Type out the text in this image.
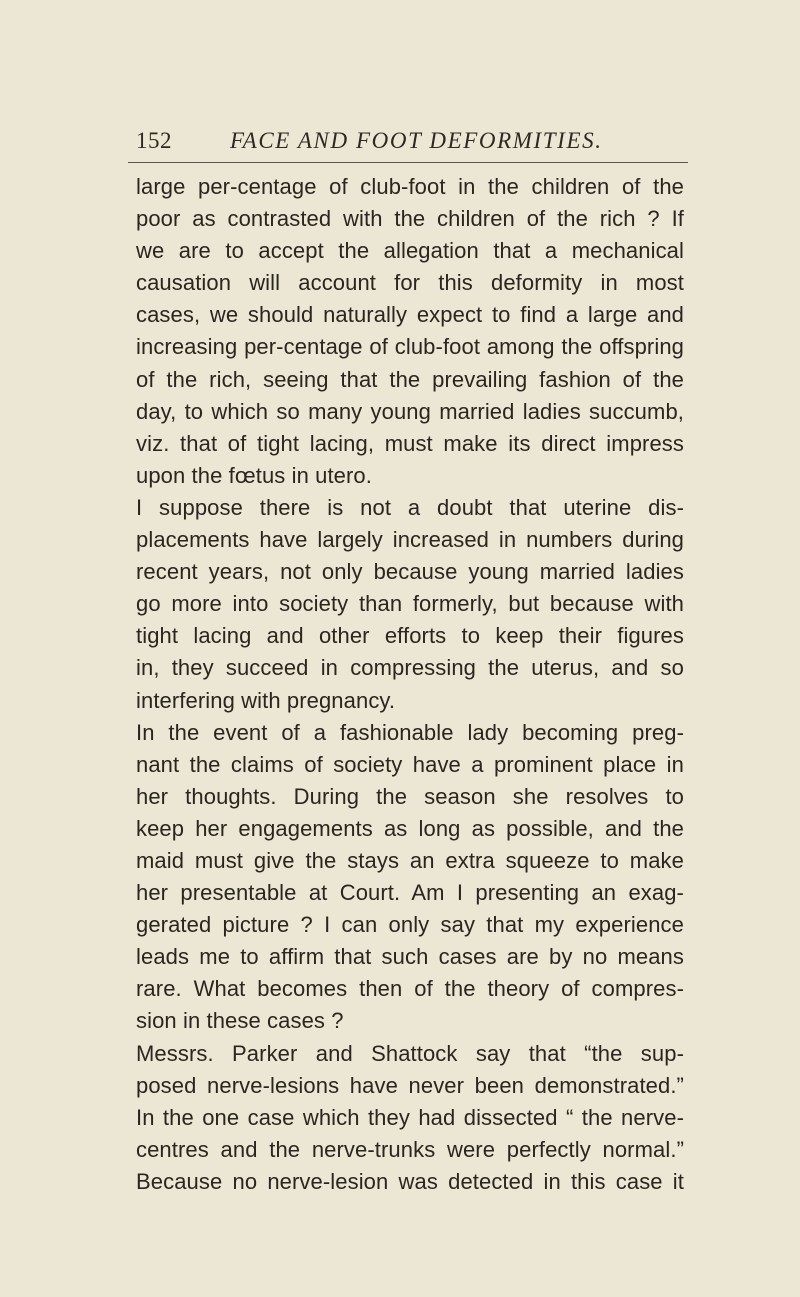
152	FACE AND FOOT DEFORMITIES.
large per-centage of club-foot in the children of the
poor as contrasted with the children of the rich ? If
we are to accept the allegation that a mechanical
causation will account for this deformity in most
cases, we should naturally expect to find a large and
increasing per-centage of club-foot among the offspring
of the rich, seeing that the prevailing fashion of the
day, to which so many young married ladies succumb,
viz. that of tight lacing, must make its direct impress
upon the fœtus in utero.
I suppose there is not a doubt that uterine dis-
placements have largely increased in numbers during
recent years, not only because young married ladies
go more into society than formerly, but because with
tight lacing and other efforts to keep their figures
in, they succeed in compressing the uterus, and so
interfering with pregnancy.
In the event of a fashionable lady becoming preg-
nant the claims of society have a prominent place in
her thoughts. During the season she resolves to
keep her engagements as long as possible, and the
maid must give the stays an extra squeeze to make
her presentable at Court. Am I presenting an exag-
gerated picture ? I can only say that my experience
leads me to affirm that such cases are by no means
rare. What becomes then of the theory of compres-
sion in these cases ?
Messrs. Parker and Shattock say that “the sup-
posed nerve-lesions have never been demonstrated.”
In the one case which they had dissected “ the nerve-
centres and the nerve-trunks were perfectly normal.”
Because no nerve-lesion was detected in this case it
